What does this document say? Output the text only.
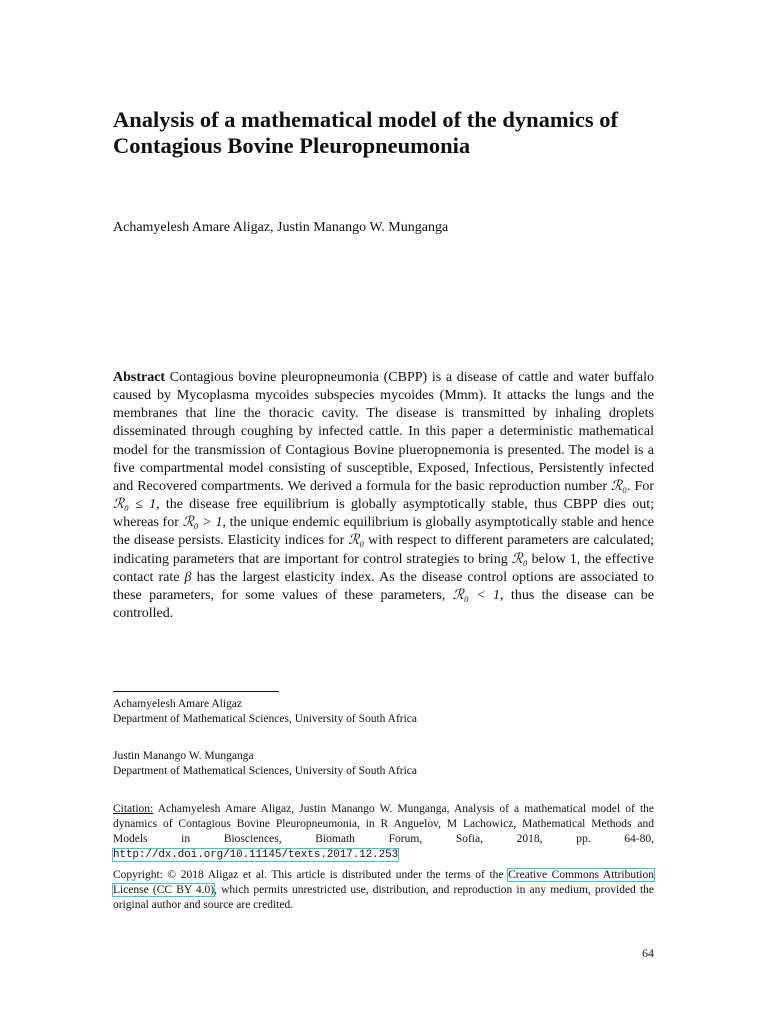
Analysis of a mathematical model of the dynamics of Contagious Bovine Pleuropneumonia
Achamyelesh Amare Aligaz, Justin Manango W. Munganga

Abstract Contagious bovine pleuropneumonia (CBPP) is a disease of cattle and water buffalo caused by Mycoplasma mycoides subspecies mycoides (Mmm). It attacks the lungs and the membranes that line the thoracic cavity. The disease is transmitted by inhaling droplets disseminated through coughing by infected cattle. In this paper a deterministic mathematical model for the transmission of Contagious Bovine plueropnemonia is presented. The model is a five compartmental model consisting of susceptible, Exposed, Infectious, Persistently infected and Recovered compartments. We derived a formula for the basic reproduction number ℛ₀. For ℛ₀ ≤ 1, the disease free equilibrium is globally asymptotically stable, thus CBPP dies out; whereas for ℛ₀ > 1, the unique endemic equilibrium is globally asymptotically stable and hence the disease persists. Elasticity indices for ℛ₀ with respect to different parameters are calculated; indicating parameters that are important for control strategies to bring ℛ₀ below 1, the effective contact rate β has the largest elasticity index. As the disease control options are associated to these parameters, for some values of these parameters, ℛ₀ < 1, thus the disease can be controlled.

Achamyelesh Amare Aligaz
Department of Mathematical Sciences, University of South Africa
Justin Manango W. Munganga
Department of Mathematical Sciences, University of South Africa

Citation: Achamyelesh Amare Aligaz, Justin Manango W. Munganga, Analysis of a mathematical model of the dynamics of Contagious Bovine Pleuropneumonia, in R Anguelov, M Lachowicz, Mathematical Methods and Models in Biosciences, Biomath Forum, Sofia, 2018, pp. 64-80, http://dx.doi.org/10.11145/texts.2017.12.253

Copyright: © 2018 Aligaz et al. This article is distributed under the terms of the Creative Commons Attribution License (CC BY 4.0), which permits unrestricted use, distribution, and reproduction in any medium, provided the original author and source are credited.

64
